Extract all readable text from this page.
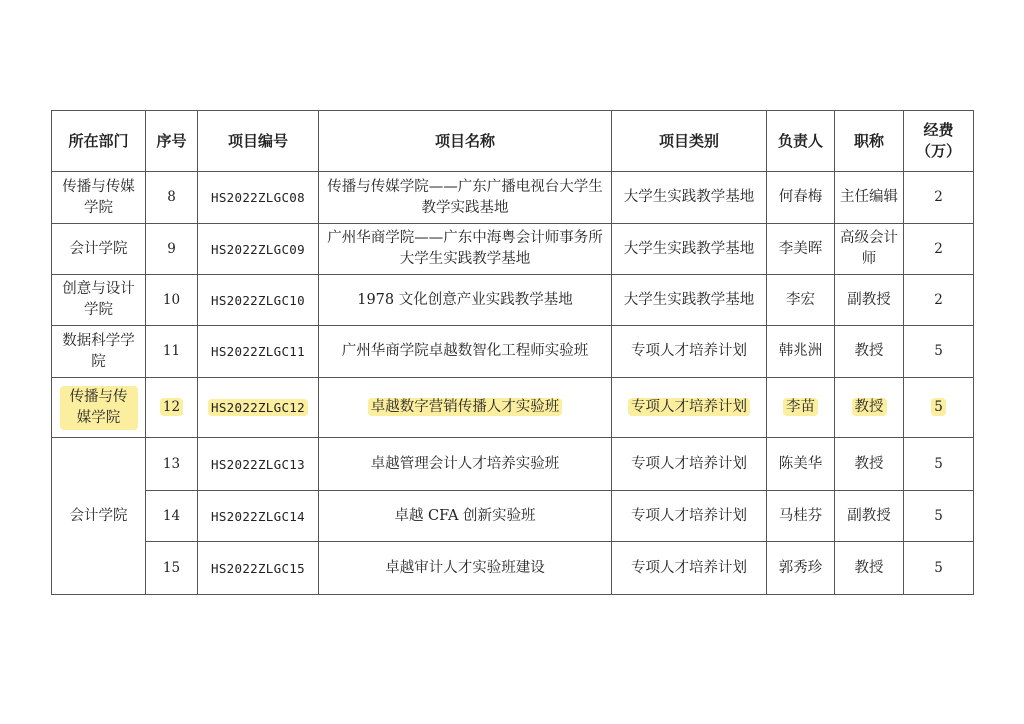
所在部门	序号	项目编号	项目名称	项目类别	负责人	职称	经费
（万）
传播与传媒学院	8	HS2022ZLGC08	传播与传媒学院——广东广播电视台大学生教学实践基地	大学生实践教学基地	何春梅	主任编辑	2
会计学院	9	HS2022ZLGC09	广州华商学院——广东中海粤会计师事务所大学生实践教学基地	大学生实践教学基地	李美晖	高级会计师	2
创意与设计学院	10	HS2022ZLGC10	1978 文化创意产业实践教学基地	大学生实践教学基地	李宏	副教授	2
数据科学学院	11	HS2022ZLGC11	广州华商学院卓越数智化工程师实验班	专项人才培养计划	韩兆洲	教授	5
传播与传媒学院	12	HS2022ZLGC12	卓越数字营销传播人才实验班	专项人才培养计划	李苗	教授	5
会计学院	13	HS2022ZLGC13	卓越管理会计人才培养实验班	专项人才培养计划	陈美华	教授	5
	14	HS2022ZLGC14	卓越 CFA 创新实验班	专项人才培养计划	马桂芬	副教授	5
	15	HS2022ZLGC15	卓越审计人才实验班建设	专项人才培养计划	郭秀珍	教授	5
